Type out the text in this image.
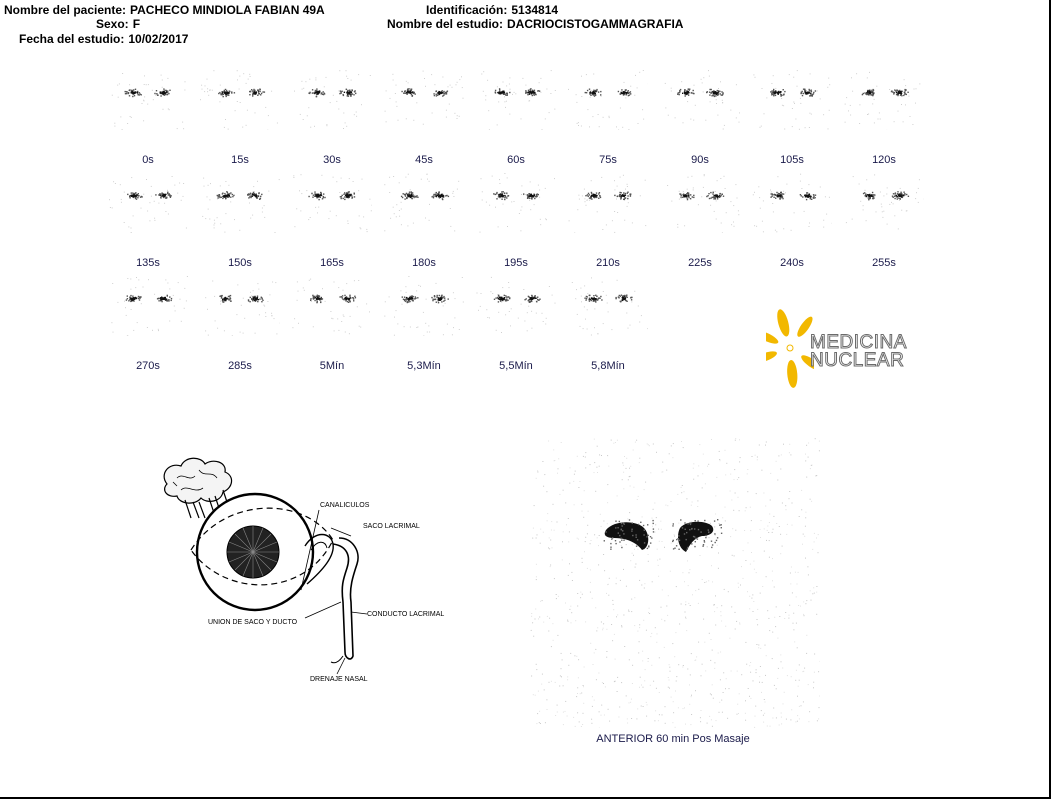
Nombre del paciente: PACHECO MINDIOLA FABIAN 49A
Sexo: F
Fecha del estudio: 10/02/2017
Identificación: 5134814
Nombre del estudio: DACRIOCISTOGAMMAGRAFIA
0s	15s	30s	45s	60s	75s	90s	105s	120s
135s	150s	165s	180s	195s	210s	225s	240s	255s
270s	285s	5Mín	5,3Mín	5,5Mín	5,8Mín
MEDICINA
NUCLEAR
CANALICULOS
SACO LACRIMAL
CONDUCTO LACRIMAL
UNION DE SACO Y DUCTO
DRENAJE NASAL
ANTERIOR 60 min Pos Masaje
